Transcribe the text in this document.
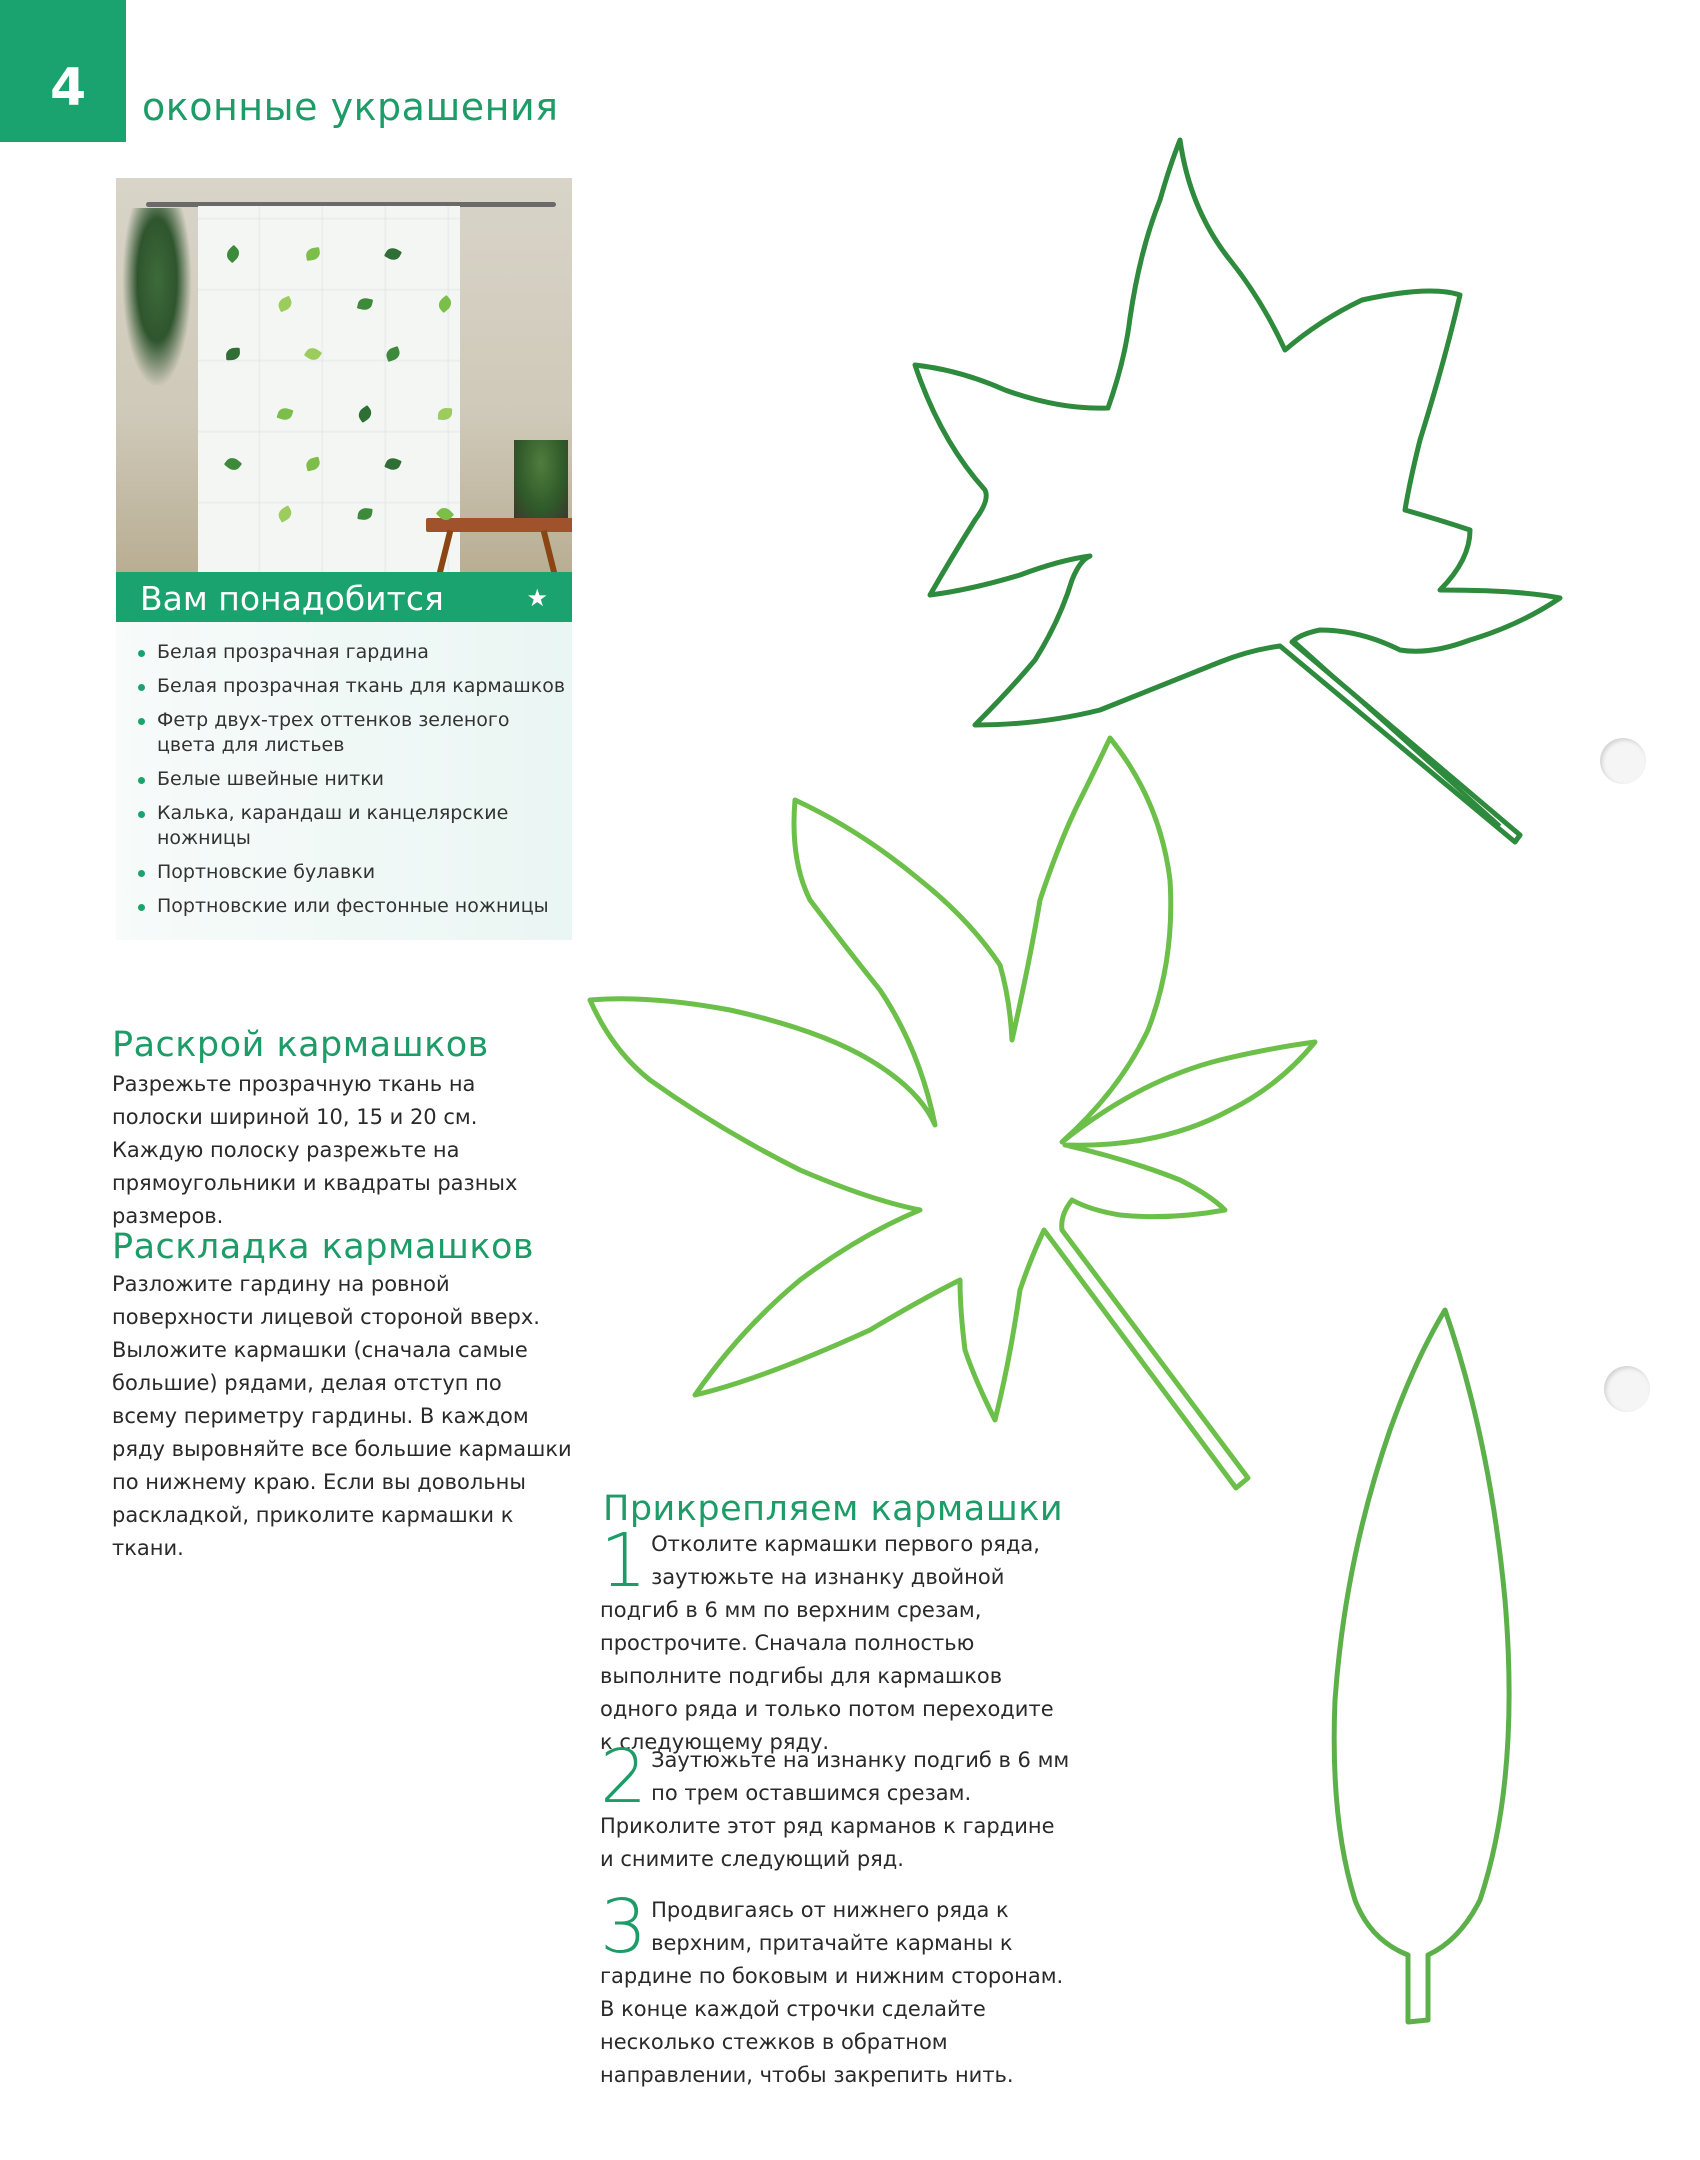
4 оконные украшения
Вам понадобится	★
Белая прозрачная гардина
Белая прозрачная ткань для кармашков
Фетр двух-трех оттенков зеленого цвета для листьев
Белые швейные нитки
Калька, карандаш и канцелярские ножницы
Портновские булавки
Портновские или фестонные ножницы
Раскрой кармашков
Разрежьте прозрачную ткань на полоски шириной 10, 15 и 20 см. Каждую полоску разрежьте на прямоугольники и квадраты разных размеров.
Раскладка кармашков
Разложите гардину на ровной поверхности лицевой стороной вверх. Выложите кармашки (сначала самые большие) рядами, делая отступ по всему периметру гардины. В каждом ряду выровняйте все большие кармашки по нижнему краю. Если вы довольны раскладкой, приколите кармашки к ткани.
Прикрепляем кармашки
1 Отколите кармашки первого ряда, заутюжьте на изнанку двойной подгиб в 6 мм по верхним срезам, прострочите. Сначала полностью выполните подгибы для кармашков одного ряда и только потом переходите к следующему ряду.
2 Заутюжьте на изнанку подгиб в 6 мм по трем оставшимся срезам. Приколите этот ряд карманов к гардине и снимите следующий ряд.
3 Продвигаясь от нижнего ряда к верхним, притачайте карманы к гардине по боковым и нижним сторонам. В конце каждой строчки сделайте несколько стежков в обратном направлении, чтобы закрепить нить.
